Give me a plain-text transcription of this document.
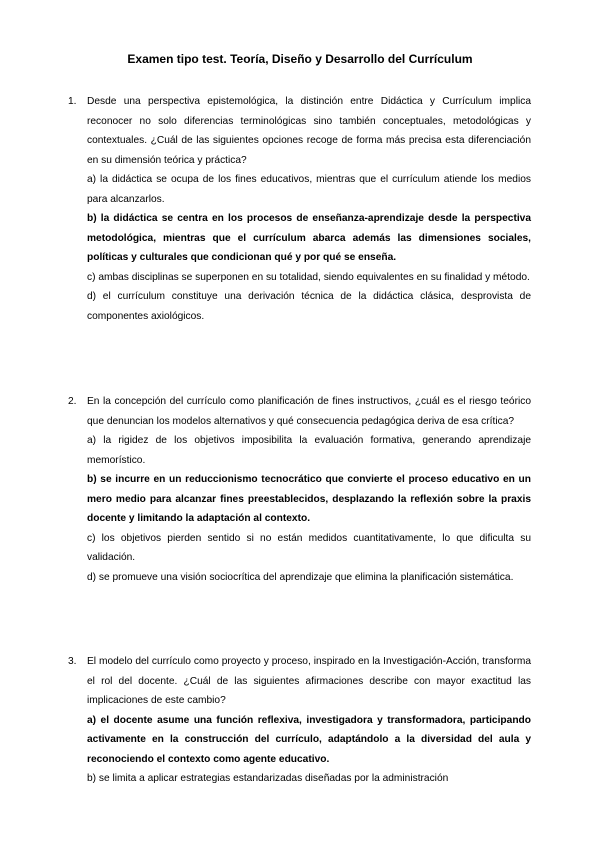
Examen tipo test. Teoría, Diseño y Desarrollo del Currículum
1. Desde una perspectiva epistemológica, la distinción entre Didáctica y Currículum implica reconocer no solo diferencias terminológicas sino también conceptuales, metodológicas y contextuales. ¿Cuál de las siguientes opciones recoge de forma más precisa esta diferenciación en su dimensión teórica y práctica?

a) la didáctica se ocupa de los fines educativos, mientras que el currículum atiende los medios para alcanzarlos.

b) la didáctica se centra en los procesos de enseñanza-aprendizaje desde la perspectiva metodológica, mientras que el currículum abarca además las dimensiones sociales, políticas y culturales que condicionan qué y por qué se enseña.

c) ambas disciplinas se superponen en su totalidad, siendo equivalentes en su finalidad y método.

d) el currículum constituye una derivación técnica de la didáctica clásica, desprovista de componentes axiológicos.

2. En la concepción del currículo como planificación de fines instructivos, ¿cuál es el riesgo teórico que denuncian los modelos alternativos y qué consecuencia pedagógica deriva de esa crítica?

a) la rigidez de los objetivos imposibilita la evaluación formativa, generando aprendizaje memorístico.

b) se incurre en un reduccionismo tecnocrático que convierte el proceso educativo en un mero medio para alcanzar fines preestablecidos, desplazando la reflexión sobre la praxis docente y limitando la adaptación al contexto.

c) los objetivos pierden sentido si no están medidos cuantitativamente, lo que dificulta su validación.

d) se promueve una visión sociocrítica del aprendizaje que elimina la planificación sistemática.

3. El modelo del currículo como proyecto y proceso, inspirado en la Investigación-Acción, transforma el rol del docente. ¿Cuál de las siguientes afirmaciones describe con mayor exactitud las implicaciones de este cambio?

a) el docente asume una función reflexiva, investigadora y transformadora, participando activamente en la construcción del currículo, adaptándolo a la diversidad del aula y reconociendo el contexto como agente educativo.

b) se limita a aplicar estrategias estandarizadas diseñadas por la administración
